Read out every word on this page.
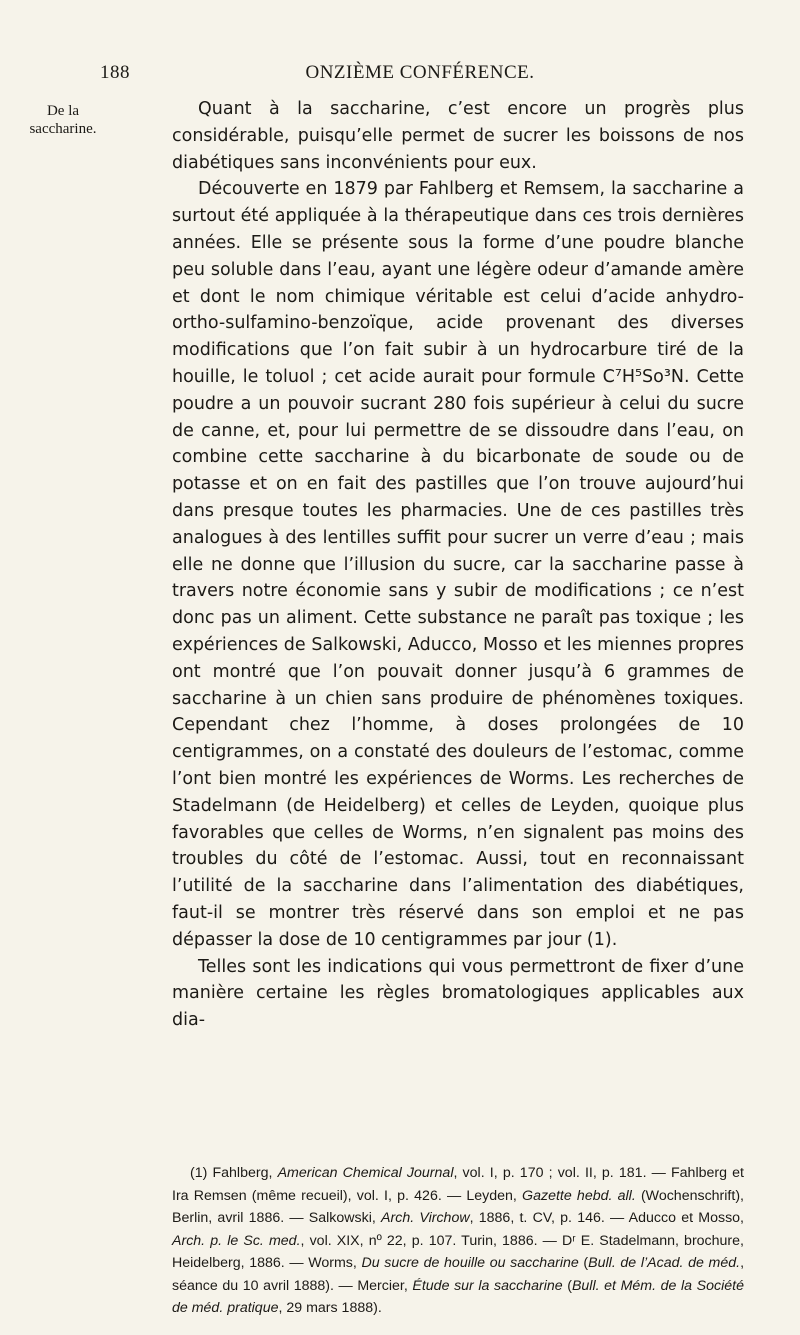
188	ONZIÈME CONFÉRENCE.
De la
saccharine.

Quant à la saccharine, c’est encore un progrès plus considérable, puisqu’elle permet de sucrer les boissons de nos diabétiques sans inconvénients pour eux.

Découverte en 1879 par Fahlberg et Remsem, la saccharine a surtout été appliquée à la thérapeutique dans ces trois dernières années. Elle se présente sous la forme d’une poudre blanche peu soluble dans l’eau, ayant une légère odeur d’amande amère et dont le nom chimique véritable est celui d’acide anhydro-ortho-sulfamino-benzoïque, acide provenant des diverses modifications que l’on fait subir à un hydrocarbure tiré de la houille, le toluol ; cet acide aurait pour formule C⁷H⁵So³N. Cette poudre a un pouvoir sucrant 280 fois supérieur à celui du sucre de canne, et, pour lui permettre de se dissoudre dans l’eau, on combine cette saccharine à du bicarbonate de soude ou de potasse et on en fait des pastilles que l’on trouve aujourd’hui dans presque toutes les pharmacies. Une de ces pastilles très analogues à des lentilles suffit pour sucrer un verre d’eau ; mais elle ne donne que l’illusion du sucre, car la saccharine passe à travers notre économie sans y subir de modifications ; ce n’est donc pas un aliment. Cette substance ne paraît pas toxique ; les expériences de Salkowski, Aducco, Mosso et les miennes propres ont montré que l’on pouvait donner jusqu’à 6 grammes de saccharine à un chien sans produire de phénomènes toxiques. Cependant chez l’homme, à doses prolongées de 10 centigrammes, on a constaté des douleurs de l’estomac, comme l’ont bien montré les expériences de Worms. Les recherches de Stadelmann (de Heidelberg) et celles de Leyden, quoique plus favorables que celles de Worms, n’en signalent pas moins des troubles du côté de l’estomac. Aussi, tout en reconnaissant l’utilité de la saccharine dans l’alimentation des diabétiques, faut-il se montrer très réservé dans son emploi et ne pas dépasser la dose de 10 centigrammes par jour (1).

Telles sont les indications qui vous permettront de fixer d’une manière certaine les règles bromatologiques applicables aux dia-

(1) Fahlberg, American Chemical Journal, vol. I, p. 170 ; vol. II, p. 181. — Fahlberg et Ira Remsen (même recueil), vol. I, p. 426. — Leyden, Gazette hebd. all. (Wochenschrift), Berlin, avril 1886. — Salkowski, Arch. Virchow, 1886, t. CV, p. 146. — Aducco et Mosso, Arch. p. le Sc. med., vol. XIX, nº 22, p. 107. Turin, 1886. — Dʳ E. Stadelmann, brochure, Heidelberg, 1886. — Worms, Du sucre de houille ou saccharine (Bull. de l’Acad. de méd., séance du 10 avril 1888). — Mercier, Étude sur la saccharine (Bull. et Mém. de la Société de méd. pratique, 29 mars 1888).
